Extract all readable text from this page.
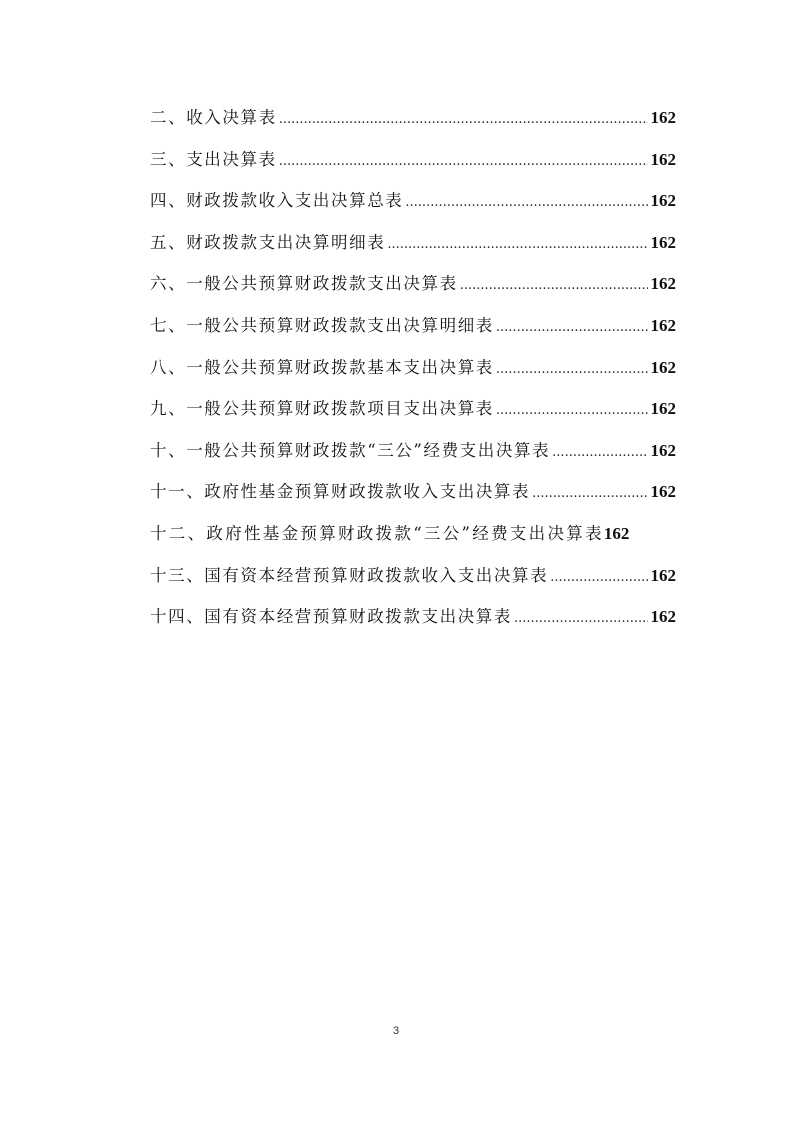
二、收入决算表 .....	162
三、支出决算表 .....	162
四、财政拨款收入支出决算总表 .....	162
五、财政拨款支出决算明细表 .....	162
六、一般公共预算财政拨款支出决算表 .....	162
七、一般公共预算财政拨款支出决算明细表 .....	162
八、一般公共预算财政拨款基本支出决算表 .....	162
九、一般公共预算财政拨款项目支出决算表 .....	162
十、一般公共预算财政拨款“三公”经费支出决算表 .....	162
十一、政府性基金预算财政拨款收入支出决算表 .....	162
十二、政府性基金预算财政拨款“三公”经费支出决算表 162
十三、国有资本经营预算财政拨款收入支出决算表 .....	162
十四、国有资本经营预算财政拨款支出决算表 .....	162
3
